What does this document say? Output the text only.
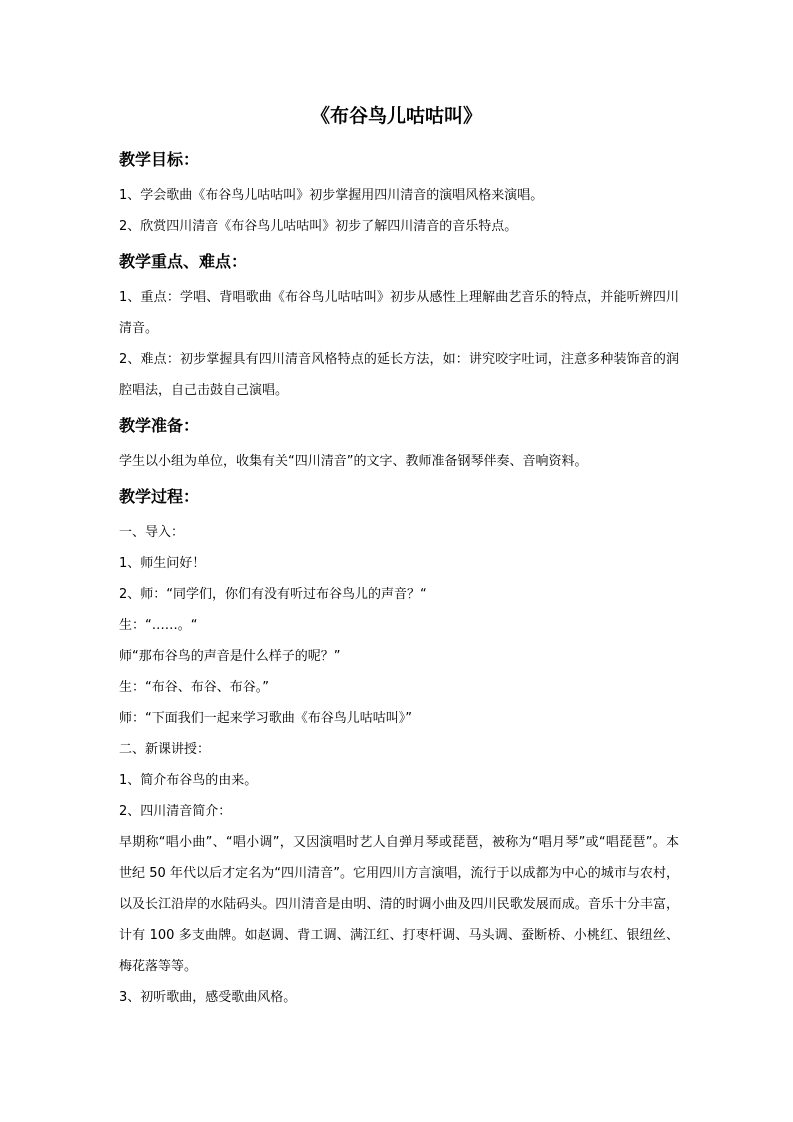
《布谷鸟儿咕咕叫》
教学目标：

1、学会歌曲《布谷鸟儿咕咕叫》初步掌握用四川清音的演唱风格来演唱。

2、欣赏四川清音《布谷鸟儿咕咕叫》初步了解四川清音的音乐特点。

教学重点、难点：

1、重点：学唱、背唱歌曲《布谷鸟儿咕咕叫》初步从感性上理解曲艺音乐的特点，并能听辨四川清音。

2、难点：初步掌握具有四川清音风格特点的延长方法，如：讲究咬字吐词，注意多种装饰音的润腔唱法，自己击鼓自己演唱。

教学准备：

学生以小组为单位，收集有关“四川清音”的文字、教师准备钢琴伴奏、音响资料。

教学过程：

一、导入：

1、师生问好！

2、师：“同学们，你们有没有听过布谷鸟儿的声音？“

生：“……。“

师“那布谷鸟的声音是什么样子的呢？”

生：“布谷、布谷、布谷。”

师：“下面我们一起来学习歌曲《布谷鸟儿咕咕叫》”

二、新课讲授：

1、简介布谷鸟的由来。

2、四川清音简介：

早期称“唱小曲”、“唱小调”，又因演唱时艺人自弹月琴或琵琶，被称为“唱月琴”或“唱琵琶”。本世纪 50 年代以后才定名为“四川清音”。它用四川方言演唱，流行于以成都为中心的城市与农村，以及长江沿岸的水陆码头。四川清音是由明、清的时调小曲及四川民歌发展而成。音乐十分丰富，计有 100 多支曲牌。如赵调、背工调、满江红、打枣杆调、马头调、蚕断桥、小桃红、银纽丝、梅花落等等。

3、初听歌曲，感受歌曲风格。
